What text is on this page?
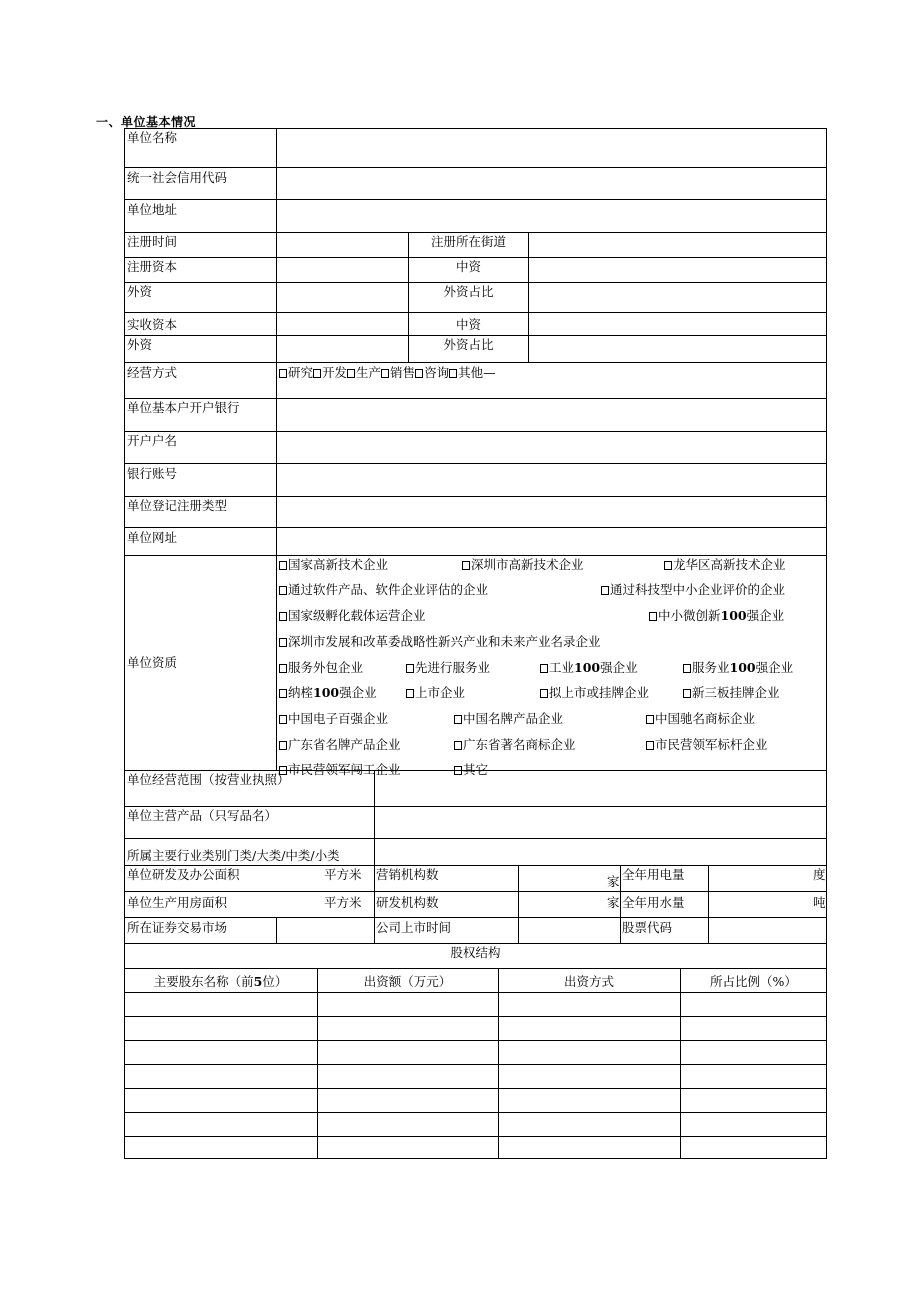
一、单位基本情况
单位名称
统一社会信用代码
单位地址
注册时间	注册所在街道
注册资本	中资
外资	外资占比
实收资本	中资
外资	外资占比
经营方式	研究 开发 生产 销售 咨询 其他—
单位基本户开户银行
开户户名
银行账号
单位登记注册类型
单位网址
单位资质
国家高新技术企业	深圳市高新技术企业	龙华区高新技术企业
通过软件产品、软件企业评估的企业	通过科技型中小企业评价的企业
国家级孵化载体运营企业	中小微创新100强企业
深圳市发展和改革委战略性新兴产业和未来产业名录企业
服务外包企业	先进行服务业	工业100强企业	服务业100强企业
纳榁100强企业	上市企业	拟上市或挂牌企业	新三板挂牌企业
中国电子百强企业	中国名牌产品企业	中国驰名商标企业
广东省名牌产品企业	广东省著名商标企业	市民营领军标杆企业
市民营领军闯工企业	其它
单位经营范围（按营业执照）
单位主营产品（只写品名）
所属主要行业类别门类/大类/中类/小类
单位研发及办公面积	平方米 营销机构数	家 全年用电量	度
单位生产用房面积	平方米 研发机构数	家 全年用水量	吨
所在证券交易市场	公司上市时间	股票代码
股权结构
主要股东名称（前5位）	出资额（万元）	出资方式	所占比例（%）
